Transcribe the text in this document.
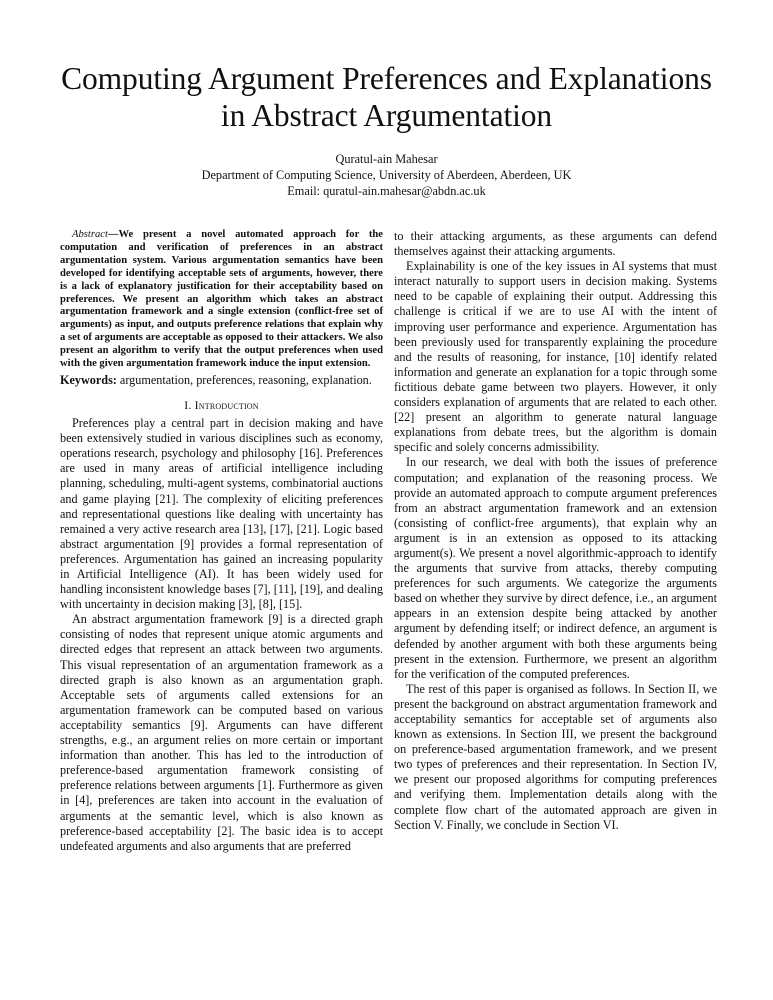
Computing Argument Preferences and Explanations
in Abstract Argumentation
Quratul-ain Mahesar
Department of Computing Science, University of Aberdeen, Aberdeen, UK
Email: quratul-ain.mahesar@abdn.ac.uk

Abstract—We present a novel automated approach for the computation and verification of preferences in an abstract argumentation system. Various argumentation semantics have been developed for identifying acceptable sets of arguments, however, there is a lack of explanatory justification for their acceptability based on preferences. We present an algorithm which takes an abstract argumentation framework and a single extension (conflict-free set of arguments) as input, and outputs preference relations that explain why a set of arguments are acceptable as opposed to their attackers. We also present an algorithm to verify that the output preferences when used with the given argumentation framework induce the input extension.

Keywords: argumentation, preferences, reasoning, explanation.

I. Introduction

Preferences play a central part in decision making and have been extensively studied in various disciplines such as economy, operations research, psychology and philosophy [16]. Preferences are used in many areas of artificial intelligence including planning, scheduling, multi-agent systems, combinatorial auctions and game playing [21]. The complexity of eliciting preferences and representational questions like dealing with uncertainty has remained a very active research area [13], [17], [21]. Logic based abstract argumentation [9] provides a formal representation of preferences. Argumentation has gained an increasing popularity in Artificial Intelligence (AI). It has been widely used for handling inconsistent knowledge bases [7], [11], [19], and dealing with uncertainty in decision making [3], [8], [15].

An abstract argumentation framework [9] is a directed graph consisting of nodes that represent unique atomic arguments and directed edges that represent an attack between two arguments. This visual representation of an argumentation framework as a directed graph is also known as an argumentation graph. Acceptable sets of arguments called extensions for an argumentation framework can be computed based on various acceptability semantics [9]. Arguments can have different strengths, e.g., an argument relies on more certain or important information than another. This has led to the introduction of preference-based argumentation framework consisting of preference relations between arguments [1]. Furthermore as given in [4], preferences are taken into account in the evaluation of arguments at the semantic level, which is also known as preference-based acceptability [2]. The basic idea is to accept undefeated arguments and also arguments that are preferred

to their attacking arguments, as these arguments can defend themselves against their attacking arguments.

Explainability is one of the key issues in AI systems that must interact naturally to support users in decision making. Systems need to be capable of explaining their output. Addressing this challenge is critical if we are to use AI with the intent of improving user performance and experience. Argumentation has been previously used for transparently explaining the procedure and the results of reasoning, for instance, [10] identify related information and generate an explanation for a topic through some fictitious debate game between two players. However, it only considers explanation of arguments that are related to each other. [22] present an algorithm to generate natural language explanations from debate trees, but the algorithm is domain specific and solely concerns admissibility.

In our research, we deal with both the issues of preference computation; and explanation of the reasoning process. We provide an automated approach to compute argument preferences from an abstract argumentation framework and an extension (consisting of conflict-free arguments), that explain why an argument is in an extension as opposed to its attacking argument(s). We present a novel algorithmic-approach to identify the arguments that survive from attacks, thereby computing preferences for such arguments. We categorize the arguments based on whether they survive by direct defence, i.e., an argument appears in an extension despite being attacked by another argument by defending itself; or indirect defence, an argument is defended by another argument with both these arguments being present in the extension. Furthermore, we present an algorithm for the verification of the computed preferences.

The rest of this paper is organised as follows. In Section II, we present the background on abstract argumentation framework and acceptability semantics for acceptable set of arguments also known as extensions. In Section III, we present the background on preference-based argumentation framework, and we present two types of preferences and their representation. In Section IV, we present our proposed algorithms for computing preferences and verifying them. Implementation details along with the complete flow chart of the automated approach are given in Section V. Finally, we conclude in Section VI.
